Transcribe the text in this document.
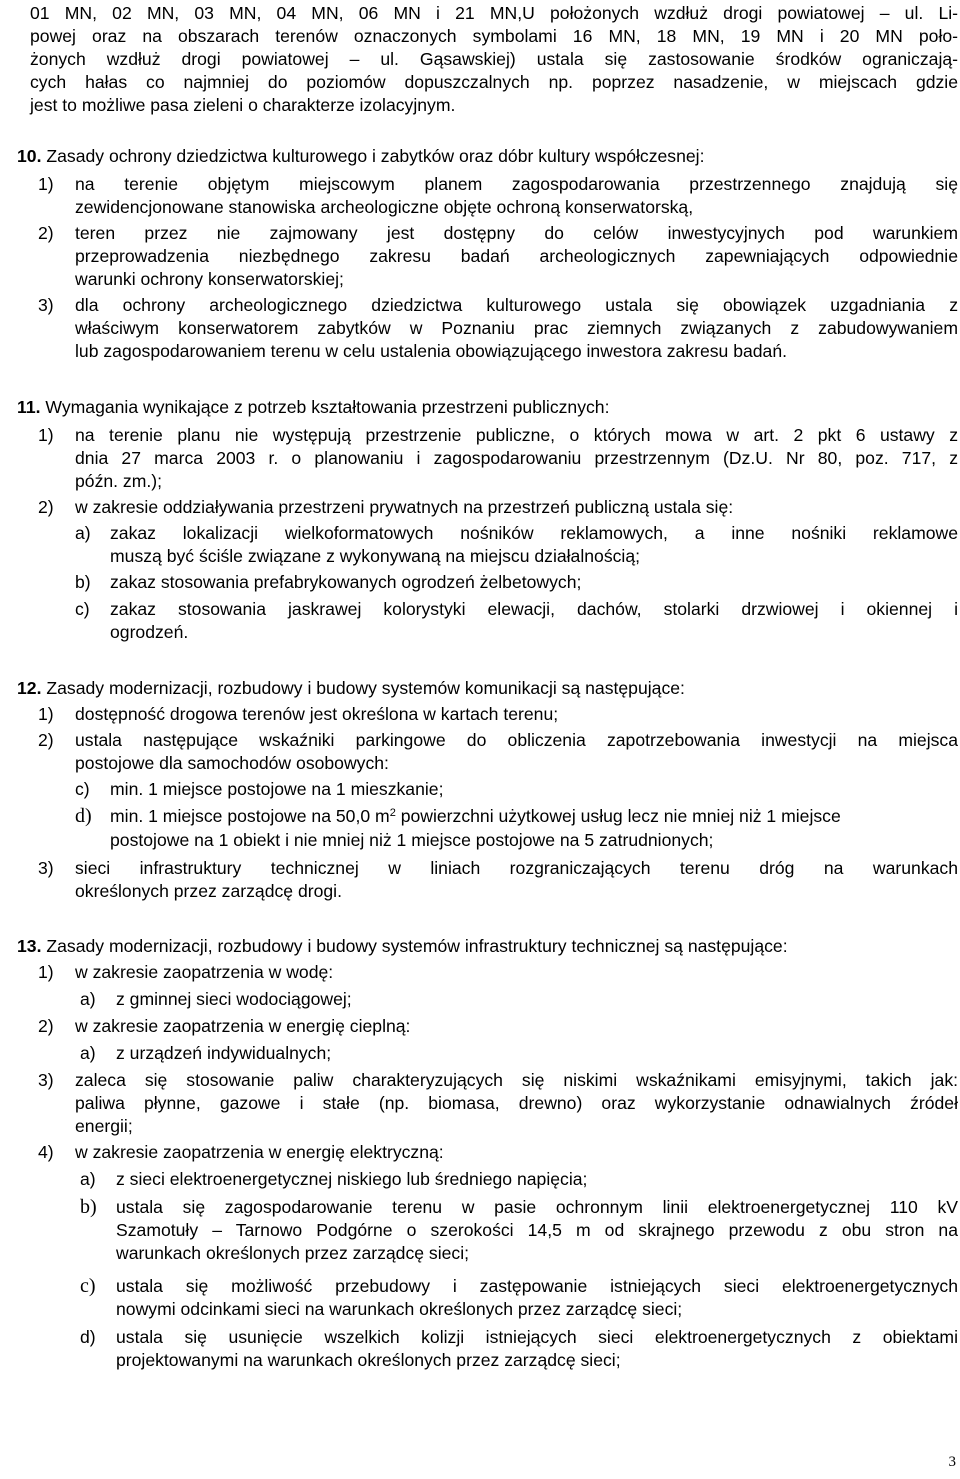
01 MN, 02 MN, 03 MN, 04 MN, 06 MN i 21 MN,U położonych wzdłuż drogi powiatowej – ul. Li-
powej oraz na obszarach terenów oznaczonych symbolami 16 MN, 18 MN, 19 MN i 20 MN poło-
żonych wzdłuż drogi powiatowej – ul. Gąsawskiej) ustala się zastosowanie środków ograniczają-
cych hałas co najmniej do poziomów dopuszczalnych np. poprzez nasadzenie, w miejscach gdzie
jest to możliwe pasa zieleni o charakterze izolacyjnym.
10. Zasady ochrony dziedzictwa kulturowego i zabytków oraz dóbr kultury współczesnej:
1) na terenie objętym miejscowym planem zagospodarowania przestrzennego znajdują się
zewidencjonowane stanowiska archeologiczne objęte ochroną konserwatorską,
2) teren przez nie zajmowany jest dostępny do celów inwestycyjnych pod warunkiem
przeprowadzenia niezbędnego zakresu badań archeologicznych zapewniających odpowiednie
warunki ochrony konserwatorskiej;
3) dla ochrony archeologicznego dziedzictwa kulturowego ustala się obowiązek uzgadniania z
właściwym konserwatorem zabytków w Poznaniu prac ziemnych związanych z zabudowywaniem
lub zagospodarowaniem terenu w celu ustalenia obowiązującego inwestora zakresu badań.
11. Wymagania wynikające z potrzeb kształtowania przestrzeni publicznych:
1) na terenie planu nie występują przestrzenie publiczne, o których mowa w art. 2 pkt 6 ustawy z
dnia 27 marca 2003 r. o planowaniu i zagospodarowaniu przestrzennym (Dz.U. Nr 80, poz. 717, z
późn. zm.);
2) w zakresie oddziaływania przestrzeni prywatnych na przestrzeń publiczną ustala się:
a) zakaz lokalizacji wielkoformatowych nośników reklamowych, a inne nośniki reklamowe
muszą być ściśle związane z wykonywaną na miejscu działalnością;
b) zakaz stosowania prefabrykowanych ogrodzeń żelbetowych;
c) zakaz stosowania jaskrawej kolorystyki elewacji, dachów, stolarki drzwiowej i okiennej i
ogrodzeń.
12. Zasady modernizacji, rozbudowy i budowy systemów komunikacji są następujące:
1) dostępność drogowa terenów jest określona w kartach terenu;
2) ustala następujące wskaźniki parkingowe do obliczenia zapotrzebowania inwestycji na miejsca
postojowe dla samochodów osobowych:
c) min. 1 miejsce postojowe na 1 mieszkanie;
d) min. 1 miejsce postojowe na 50,0 $m^2$ powierzchni użytkowej usług lecz nie mniej niż 1 miejsce
postojowe na 1 obiekt i nie mniej niż 1 miejsce postojowe na 5 zatrudnionych;
3) sieci infrastruktury technicznej w liniach rozgraniczających terenu dróg na warunkach
określonych przez zarządcę drogi.
13. Zasady modernizacji, rozbudowy i budowy systemów infrastruktury technicznej są następujące:
1) w zakresie zaopatrzenia w wodę:
a) z gminnej sieci wodociągowej;
2) w zakresie zaopatrzenia w energię cieplną:
a) z urządzeń indywidualnych;
3) zaleca się stosowanie paliw charakteryzujących się niskimi wskaźnikami emisyjnymi, takich jak:
paliwa płynne, gazowe i stałe (np. biomasa, drewno) oraz wykorzystanie odnawialnych źródeł
energii;
4) w zakresie zaopatrzenia w energię elektryczną:
a) z sieci elektroenergetycznej niskiego lub średniego napięcia;
b) ustala się zagospodarowanie terenu w pasie ochronnym linii elektroenergetycznej 110 kV
Szamotuły – Tarnowo Podgórne o szerokości 14,5 m od skrajnego przewodu z obu stron na
warunkach określonych przez zarządcę sieci;
c) ustala się możliwość przebudowy i zastępowanie istniejących sieci elektroenergetycznych
nowymi odcinkami sieci na warunkach określonych przez zarządcę sieci;
d) ustala się usunięcie wszelkich kolizji istniejących sieci elektroenergetycznych z obiektami
projektowanymi na warunkach określonych przez zarządcę sieci;
3
